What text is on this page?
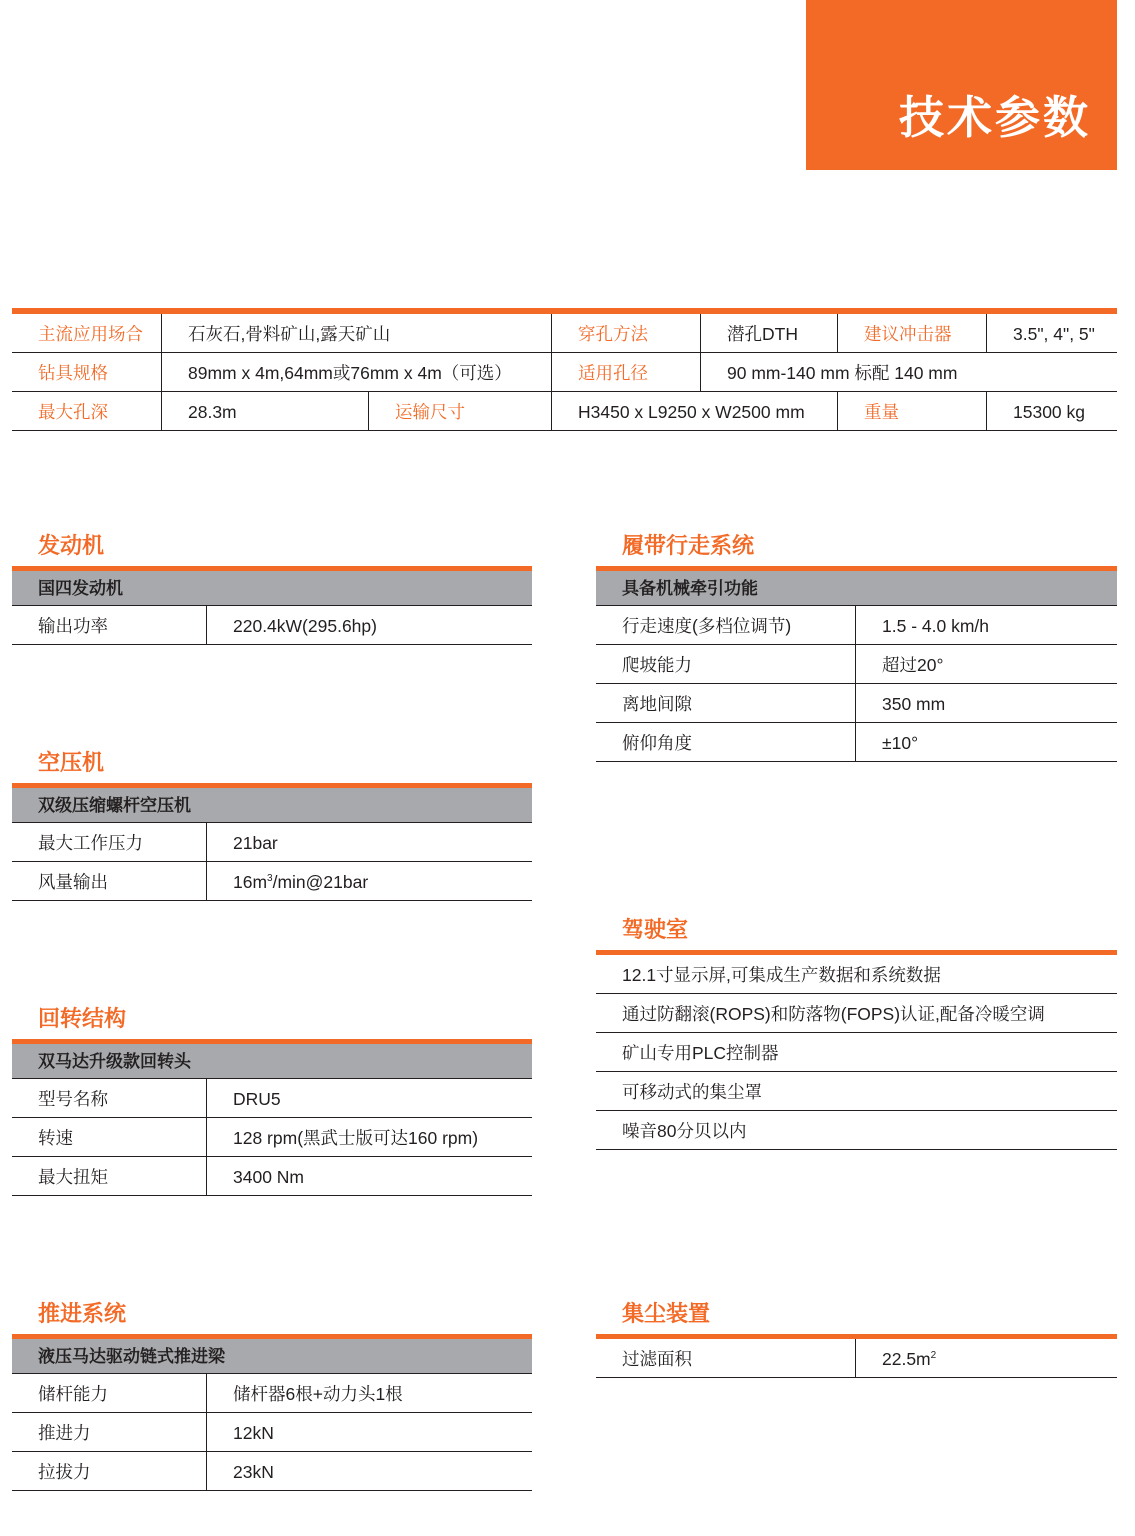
技术参数
主流应用场合	石灰石,骨料矿山,露天矿山	穿孔方法	潜孔DTH	建议冲击器	3.5", 4", 5"
钻具规格	89mm x 4m,64mm或76mm x 4m（可选）	适用孔径	90 mm-140 mm 标配 140 mm
最大孔深	28.3m	运输尺寸	H3450 x L9250 x W2500 mm	重量	15300 kg
发动机
国四发动机
输出功率	220.4kW(295.6hp)
空压机
双级压缩螺杆空压机
最大工作压力	21bar
风量输出	$16m^3/\min@21bar$
回转结构
双马达升级款回转头
型号名称	DRU5
转速	128 rpm(黑武士版可达160 rpm)
最大扭矩	3400 Nm
推进系统
液压马达驱动链式推进梁
储杆能力	储杆器6根+动力头1根
推进力	12kN
拉拔力	23kN
履带行走系统
具备机械牵引功能
行走速度(多档位调节)	1.5 - 4.0 km/h
爬坡能力	超过20°
离地间隙	350 mm
俯仰角度	±10°
驾驶室
12.1寸显示屏,可集成生产数据和系统数据
通过防翻滚(ROPS)和防落物(FOPS)认证,配备冷暖空调
矿山专用PLC控制器
可移动式的集尘罩
噪音80分贝以内
集尘装置
过滤面积	$22.5m^2$
